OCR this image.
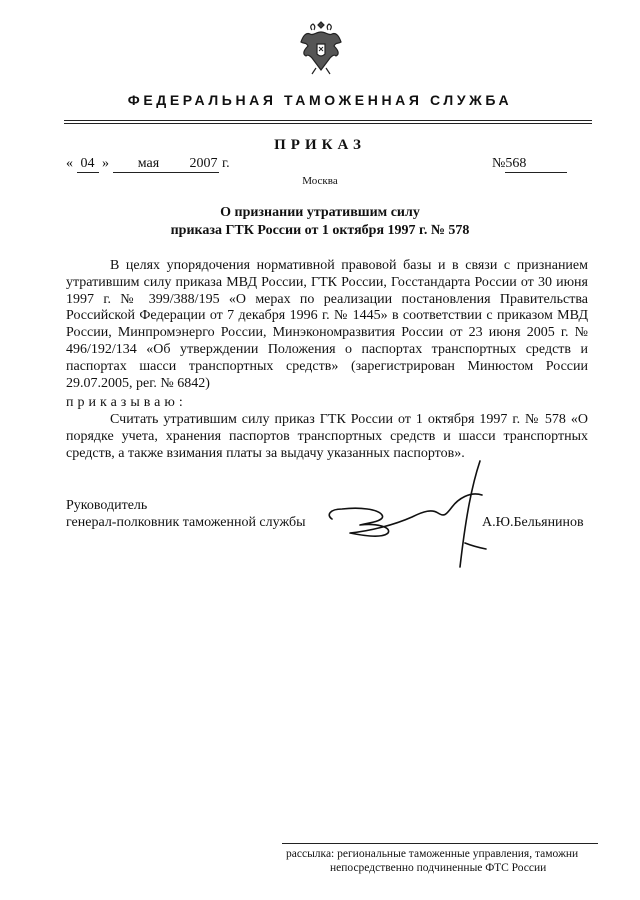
ФЕДЕРАЛЬНАЯ ТАМОЖЕННАЯ СЛУЖБА
ПРИКАЗ
« 04 » мая 2007 г.	№568
Москва
О признании утратившим силу
приказа ГТК России от 1 октября 1997 г. № 578
В целях упорядочения нормативной правовой базы и в связи с признанием утратившим силу приказа МВД России, ГТК России, Госстандарта России от 30 июня 1997 г. № 399/388/195 «О мерах по реализации постановления Правительства Российской Федерации от 7 декабря 1996 г. № 1445» в соответствии с приказом МВД России, Минпромэнерго России, Минэкономразвития России от 23 июня 2005 г. № 496/192/134 «Об утверждении Положения о паспортах транспортных средств и паспортах шасси транспортных средств» (зарегистрирован Минюстом России 29.07.2005, рег. № 6842)
приказываю:
Считать утратившим силу приказ ГТК России от 1 октября 1997 г. № 578 «О порядке учета, хранения паспортов транспортных средств и шасси транспортных средств, а также взимания платы за выдачу указанных паспортов».
Руководитель
генерал-полковник таможенной службы	А.Ю.Бельянинов
рассылка: региональные таможенные управления, таможни
непосредственно подчиненные ФТС России
